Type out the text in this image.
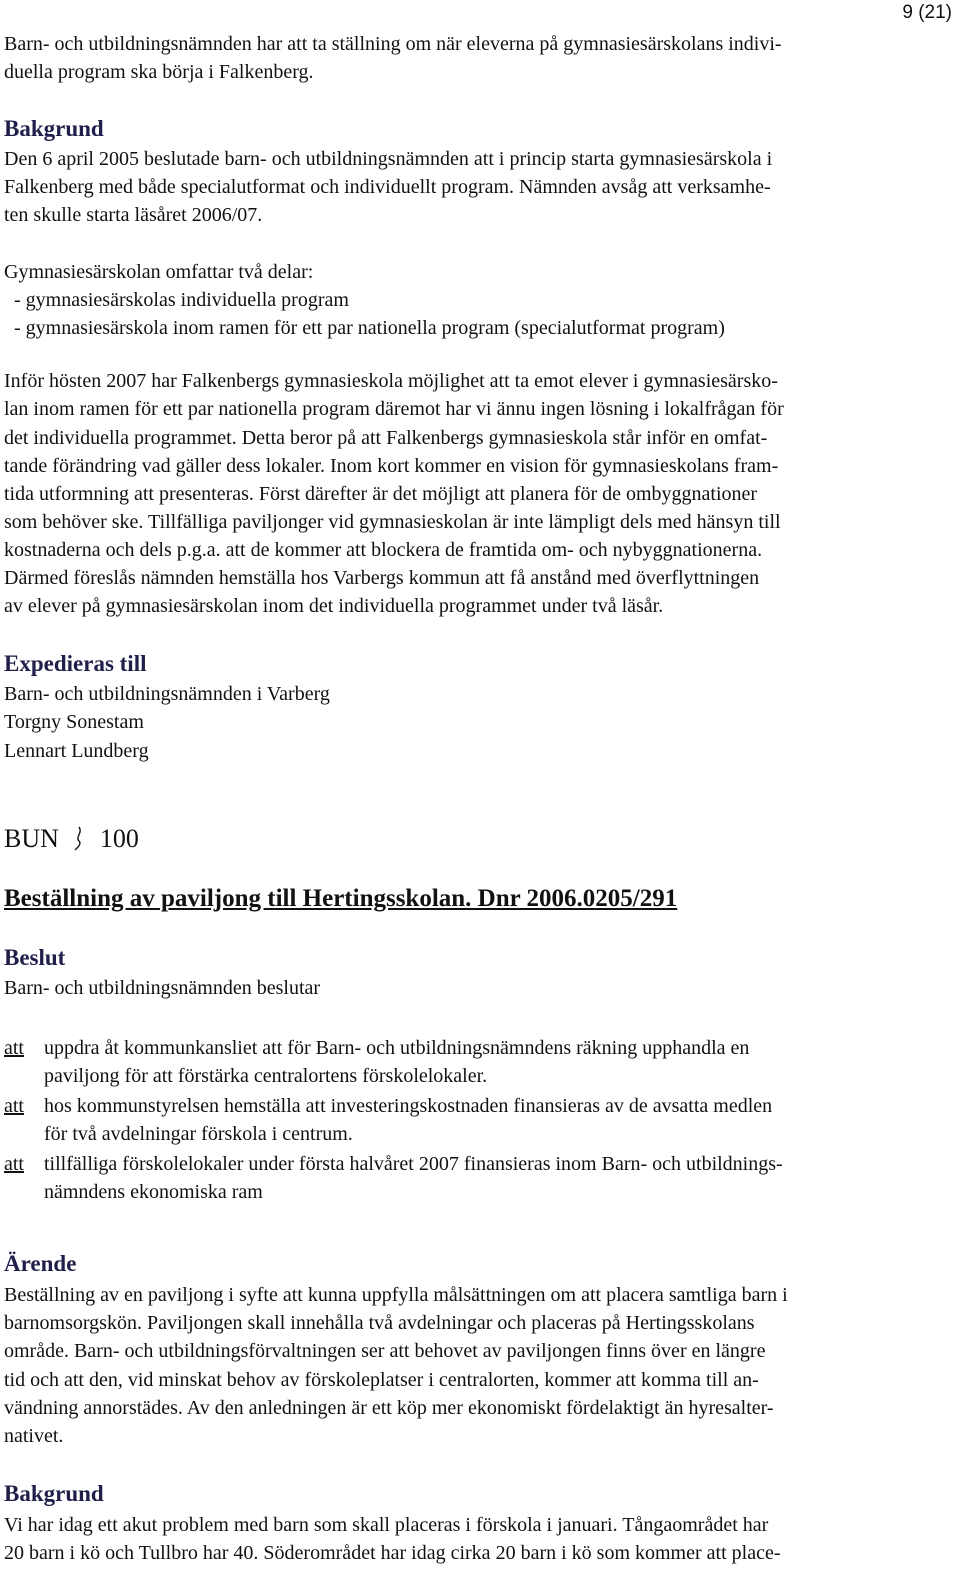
9 (21)
Barn- och utbildningsnämnden har att ta ställning om när eleverna på gymnasiesärskolans indivi-
duella program ska börja i Falkenberg.
Bakgrund
Den 6 april 2005 beslutade barn- och utbildningsnämnden att i princip starta gymnasiesärskola i
Falkenberg med både specialutformat och individuellt program. Nämnden avsåg att verksamhe-
ten skulle starta läsåret 2006/07.
Gymnasiesärskolan omfattar två delar:
- gymnasiesärskolas individuella program
- gymnasiesärskola inom ramen för ett par nationella program (specialutformat program)
Inför hösten 2007 har Falkenbergs gymnasieskola möjlighet att ta emot elever i gymnasiesärsko-
lan inom ramen för ett par nationella program däremot har vi ännu ingen lösning i lokalfrågan för
det individuella programmet. Detta beror på att Falkenbergs gymnasieskola står inför en omfat-
tande förändring vad gäller dess lokaler. Inom kort kommer en vision för gymnasieskolans fram-
tida utformning att presenteras. Först därefter är det möjligt att planera för de ombyggnationer
som behöver ske. Tillfälliga paviljonger vid gymnasieskolan är inte lämpligt dels med hänsyn till
kostnaderna och dels p.g.a. att de kommer att blockera de framtida om- och nybyggnationerna.
Därmed föreslås nämnden hemställa hos Varbergs kommun att få anstånd med överflyttningen
av elever på gymnasiesärskolan inom det individuella programmet under två läsår.
Expedieras till
Barn- och utbildningsnämnden i Varberg
Torgny Sonestam
Lennart Lundberg
BUN 100
Beställning av paviljong till Hertingsskolan. Dnr 2006.0205/291
Beslut
Barn- och utbildningsnämnden beslutar
att uppdra åt kommunkansliet att för Barn- och utbildningsnämndens räkning upphandla en
paviljong för att förstärka centralortens förskolelokaler.
att hos kommunstyrelsen hemställa att investeringskostnaden finansieras av de avsatta medlen
för två avdelningar förskola i centrum.
att tillfälliga förskolelokaler under första halvåret 2007 finansieras inom Barn- och utbildnings-
nämndens ekonomiska ram
Ärende
Beställning av en paviljong i syfte att kunna uppfylla målsättningen om att placera samtliga barn i
barnomsorgskön. Paviljongen skall innehålla två avdelningar och placeras på Hertingsskolans
område. Barn- och utbildningsförvaltningen ser att behovet av paviljongen finns över en längre
tid och att den, vid minskat behov av förskoleplatser i centralorten, kommer att komma till an-
vändning annorstädes. Av den anledningen är ett köp mer ekonomiskt fördelaktigt än hyresalter-
nativet.
Bakgrund
Vi har idag ett akut problem med barn som skall placeras i förskola i januari. Tångaområdet har
20 barn i kö och Tullbro har 40. Söderområdet har idag cirka 20 barn i kö som kommer att place-
